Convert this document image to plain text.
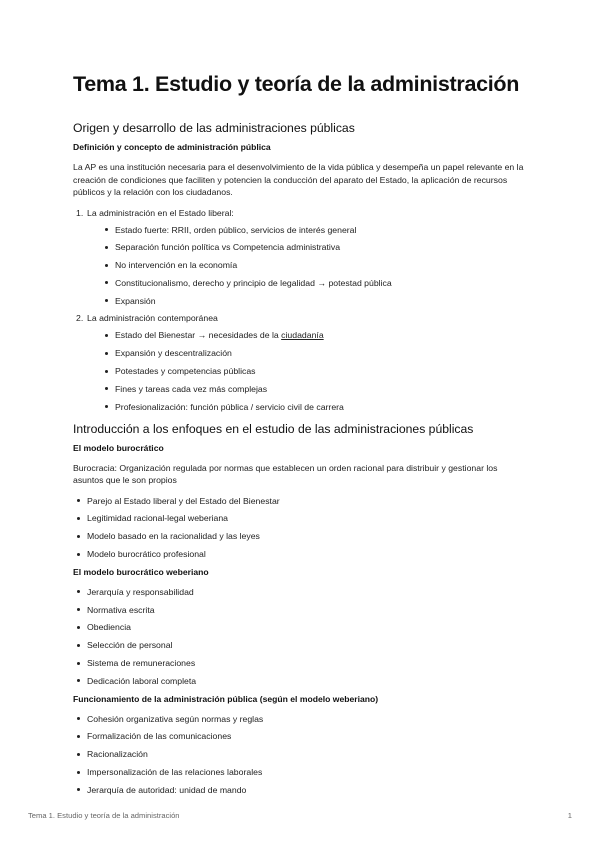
Tema 1. Estudio y teoría de la administración
Origen y desarrollo de las administraciones públicas
Definición y concepto de administración pública

La AP es una institución necesaria para el desenvolvimiento de la vida pública y desempeña un papel relevante en la creación de condiciones que faciliten y potencien la conducción del aparato del Estado, la aplicación de recursos públicos y la relación con los ciudadanos.

1. La administración en el Estado liberal:
Estado fuerte: RRII, orden público, servicios de interés general
Separación función política vs Competencia administrativa
No intervención en la economía
Constitucionalismo, derecho y principio de legalidad → potestad pública
Expansión
2. La administración contemporánea
Estado del Bienestar → necesidades de la ciudadanía
Expansión y descentralización
Potestades y competencias públicas
Fines y tareas cada vez más complejas
Profesionalización: función pública / servicio civil de carrera
Introducción a los enfoques en el estudio de las administraciones públicas
El modelo burocrático

Burocracia: Organización regulada por normas que establecen un orden racional para distribuir y gestionar los asuntos que le son propios

Parejo al Estado liberal y del Estado del Bienestar
Legitimidad racional-legal weberiana
Modelo basado en la racionalidad y las leyes
Modelo burocrático profesional
El modelo burocrático weberiano
Jerarquía y responsabilidad
Normativa escrita
Obediencia
Selección de personal
Sistema de remuneraciones
Dedicación laboral completa
Funcionamiento de la administración pública (según el modelo weberiano)
Cohesión organizativa según normas y reglas
Formalización de las comunicaciones
Racionalización
Impersonalización de las relaciones laborales
Jerarquía de autoridad: unidad de mando
Tema 1. Estudio y teoría de la administración	1
